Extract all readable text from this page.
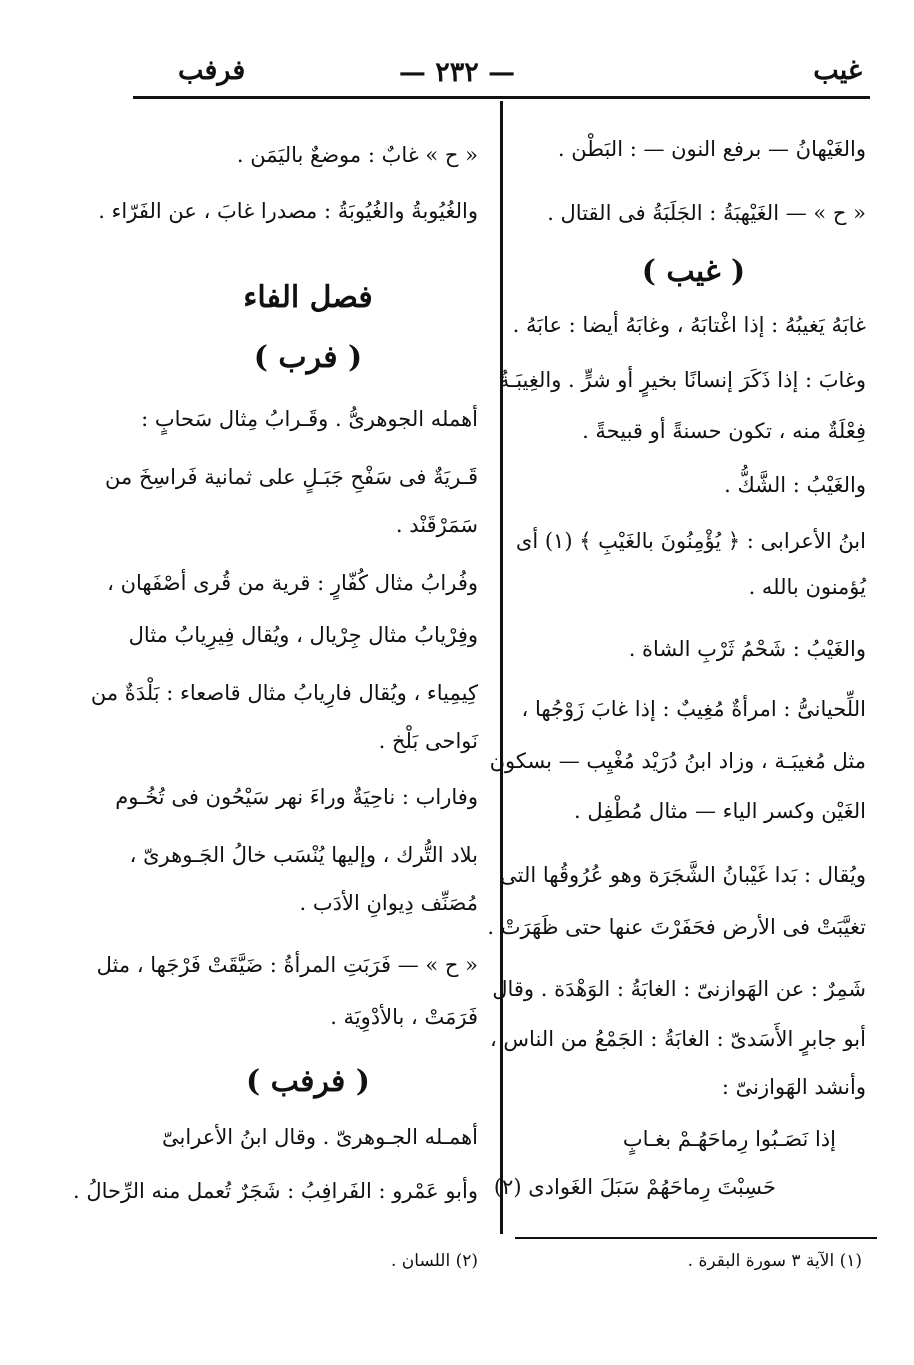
غيب
— ٢٣٢ —
فرفب
والغَيْهانُ — برفع النون — : البَطْن .
« ح » — الغَيْهبَةُ : الجَلَبَةُ فى القتال .
( غيب )
غابَهُ يَغيبُهُ : إذا اغْتابَهُ ، وغابَهُ أيضا : عابَهُ .
وغابَ : إذا ذَكَرَ إنسانًا بخيرٍ أو شرٍّ . والغِيبَـةُ
فِعْلَةٌ منه ، تكون حسنةً أو قبيحةً .
والغَيْبُ : الشَّكُّ .
ابنُ الأعرابى : ﴿ يُؤْمِنُونَ بالغَيْبِ ﴾ (١) أى
يُؤمنون بالله .
والغَيْبُ : شَحْمُ ثَرْبِ الشاة .
اللِّحيانىُّ : امرأةٌ مُغِيبٌ : إذا غابَ زَوْجُها ،
مثل مُغيبَـة ، وزاد ابنُ دُرَيْد مُغْيِب — بسكون
الغَيْن وكسر الياء — مثال مُطْفِل .
ويُقال : بَدا غَيْبانُ الشَّجَرَة وهو عُرُوقُها التى
تغيَّبَتْ فى الأرض فحَفَرْتَ عنها حتى ظَهَرَتْ .
شَمِرٌ : عن الهَوازنىّ : الغابَةُ : الوَهْدَة . وقال
أبو جابرٍ الأَسَدىّ : الغابَةُ : الجَمْعُ من الناس ،
وأنشد الهَوازنىّ :
إذا نَصَـبُوا رِماحَهُـمْ بغـابٍ
حَسِبْتَ رِماحَهُمْ سَبَلَ الغَوادى (٢)
« ح » غابٌ : موضعٌ باليَمَن .
والغُيُوبةُ والغُيُوبَةُ : مصدرا غابَ ، عن الفَرّاء .
فصل الفاء
( فرب )
أهمله الجوهرىُّ . وقَـرابُ مِثال سَحابٍ :
قَـريَةٌ فى سَفْحِ جَبَـلٍ على ثمانية فَراسِخَ من
سَمَرْقَنْد .
وفُرابُ مثال كُفّارٍ : قرية من قُرى أصْفَهان ،
وفِرْيابُ مثال جِرْيال ، ويُقال فِيرِيابُ مثال
كِيمِياء ، ويُقال فارِيابُ مثال قاصعاء : بَلْدَةٌ من
نَواحى بَلْخ .
وفاراب : ناحِيَةٌ وراءَ نهر سَيْحُون فى تُخُـوم
بلاد التُّرك ، وإليها يُنْسَب خالُ الجَـوهرىّ ،
مُصَنِّف دِيوانِ الأدَب .
« ح » — فَرَبَتِ المرأةُ : ضَيَّقَتْ فَرْجَها ، مثل
فَرَمَتْ ، بالأدْوِيَة .
( فرفب )
أهمـله الجـوهرىّ . وقال ابنُ الأعرابىّ
وأبو عَمْرو : الفَرافِبُ : شَجَرٌ تُعمل منه الرِّحالُ .
(١) الآية ٣ سورة البقرة .
(٢) اللسان .
